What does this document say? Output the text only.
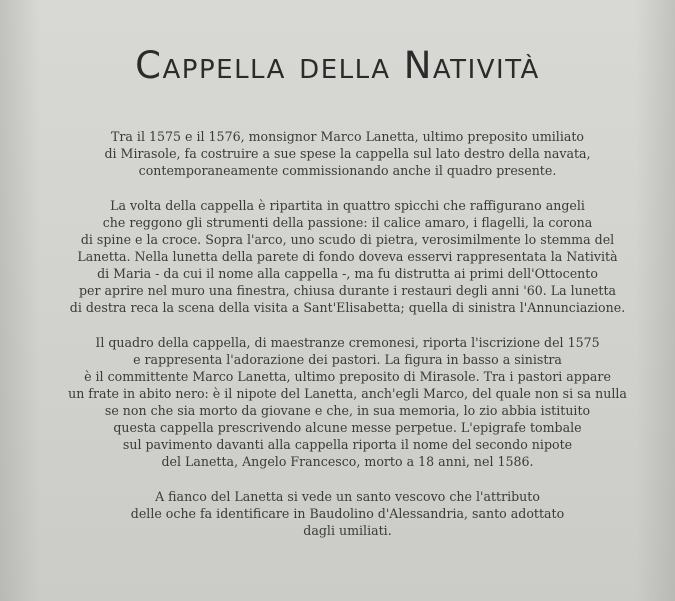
Cappella della Natività

Tra il 1575 e il 1576, monsignor Marco Lanetta, ultimo preposito umiliato
di Mirasole, fa costruire a sue spese la cappella sul lato destro della navata,
contemporaneamente commissionando anche il quadro presente.

La volta della cappella è ripartita in quattro spicchi che raffigurano angeli
che reggono gli strumenti della passione: il calice amaro, i flagelli, la corona
di spine e la croce. Sopra l'arco, uno scudo di pietra, verosimilmente lo stemma del
Lanetta. Nella lunetta della parete di fondo doveva esservi rappresentata la Natività
di Maria - da cui il nome alla cappella -, ma fu distrutta ai primi dell'Ottocento
per aprire nel muro una finestra, chiusa durante i restauri degli anni '60. La lunetta
di destra reca la scena della visita a Sant'Elisabetta; quella di sinistra l'Annunciazione.

Il quadro della cappella, di maestranze cremonesi, riporta l'iscrizione del 1575
e rappresenta l'adorazione dei pastori. La figura in basso a sinistra
è il committente Marco Lanetta, ultimo preposito di Mirasole. Tra i pastori appare
un frate in abito nero: è il nipote del Lanetta, anch'egli Marco, del quale non si sa nulla
se non che sia morto da giovane e che, in sua memoria, lo zio abbia istituito
questa cappella prescrivendo alcune messe perpetue. L'epigrafe tombale
sul pavimento davanti alla cappella riporta il nome del secondo nipote
del Lanetta, Angelo Francesco, morto a 18 anni, nel 1586.

A fianco del Lanetta si vede un santo vescovo che l'attributo
delle oche fa identificare in Baudolino d'Alessandria, santo adottato
dagli umiliati.
